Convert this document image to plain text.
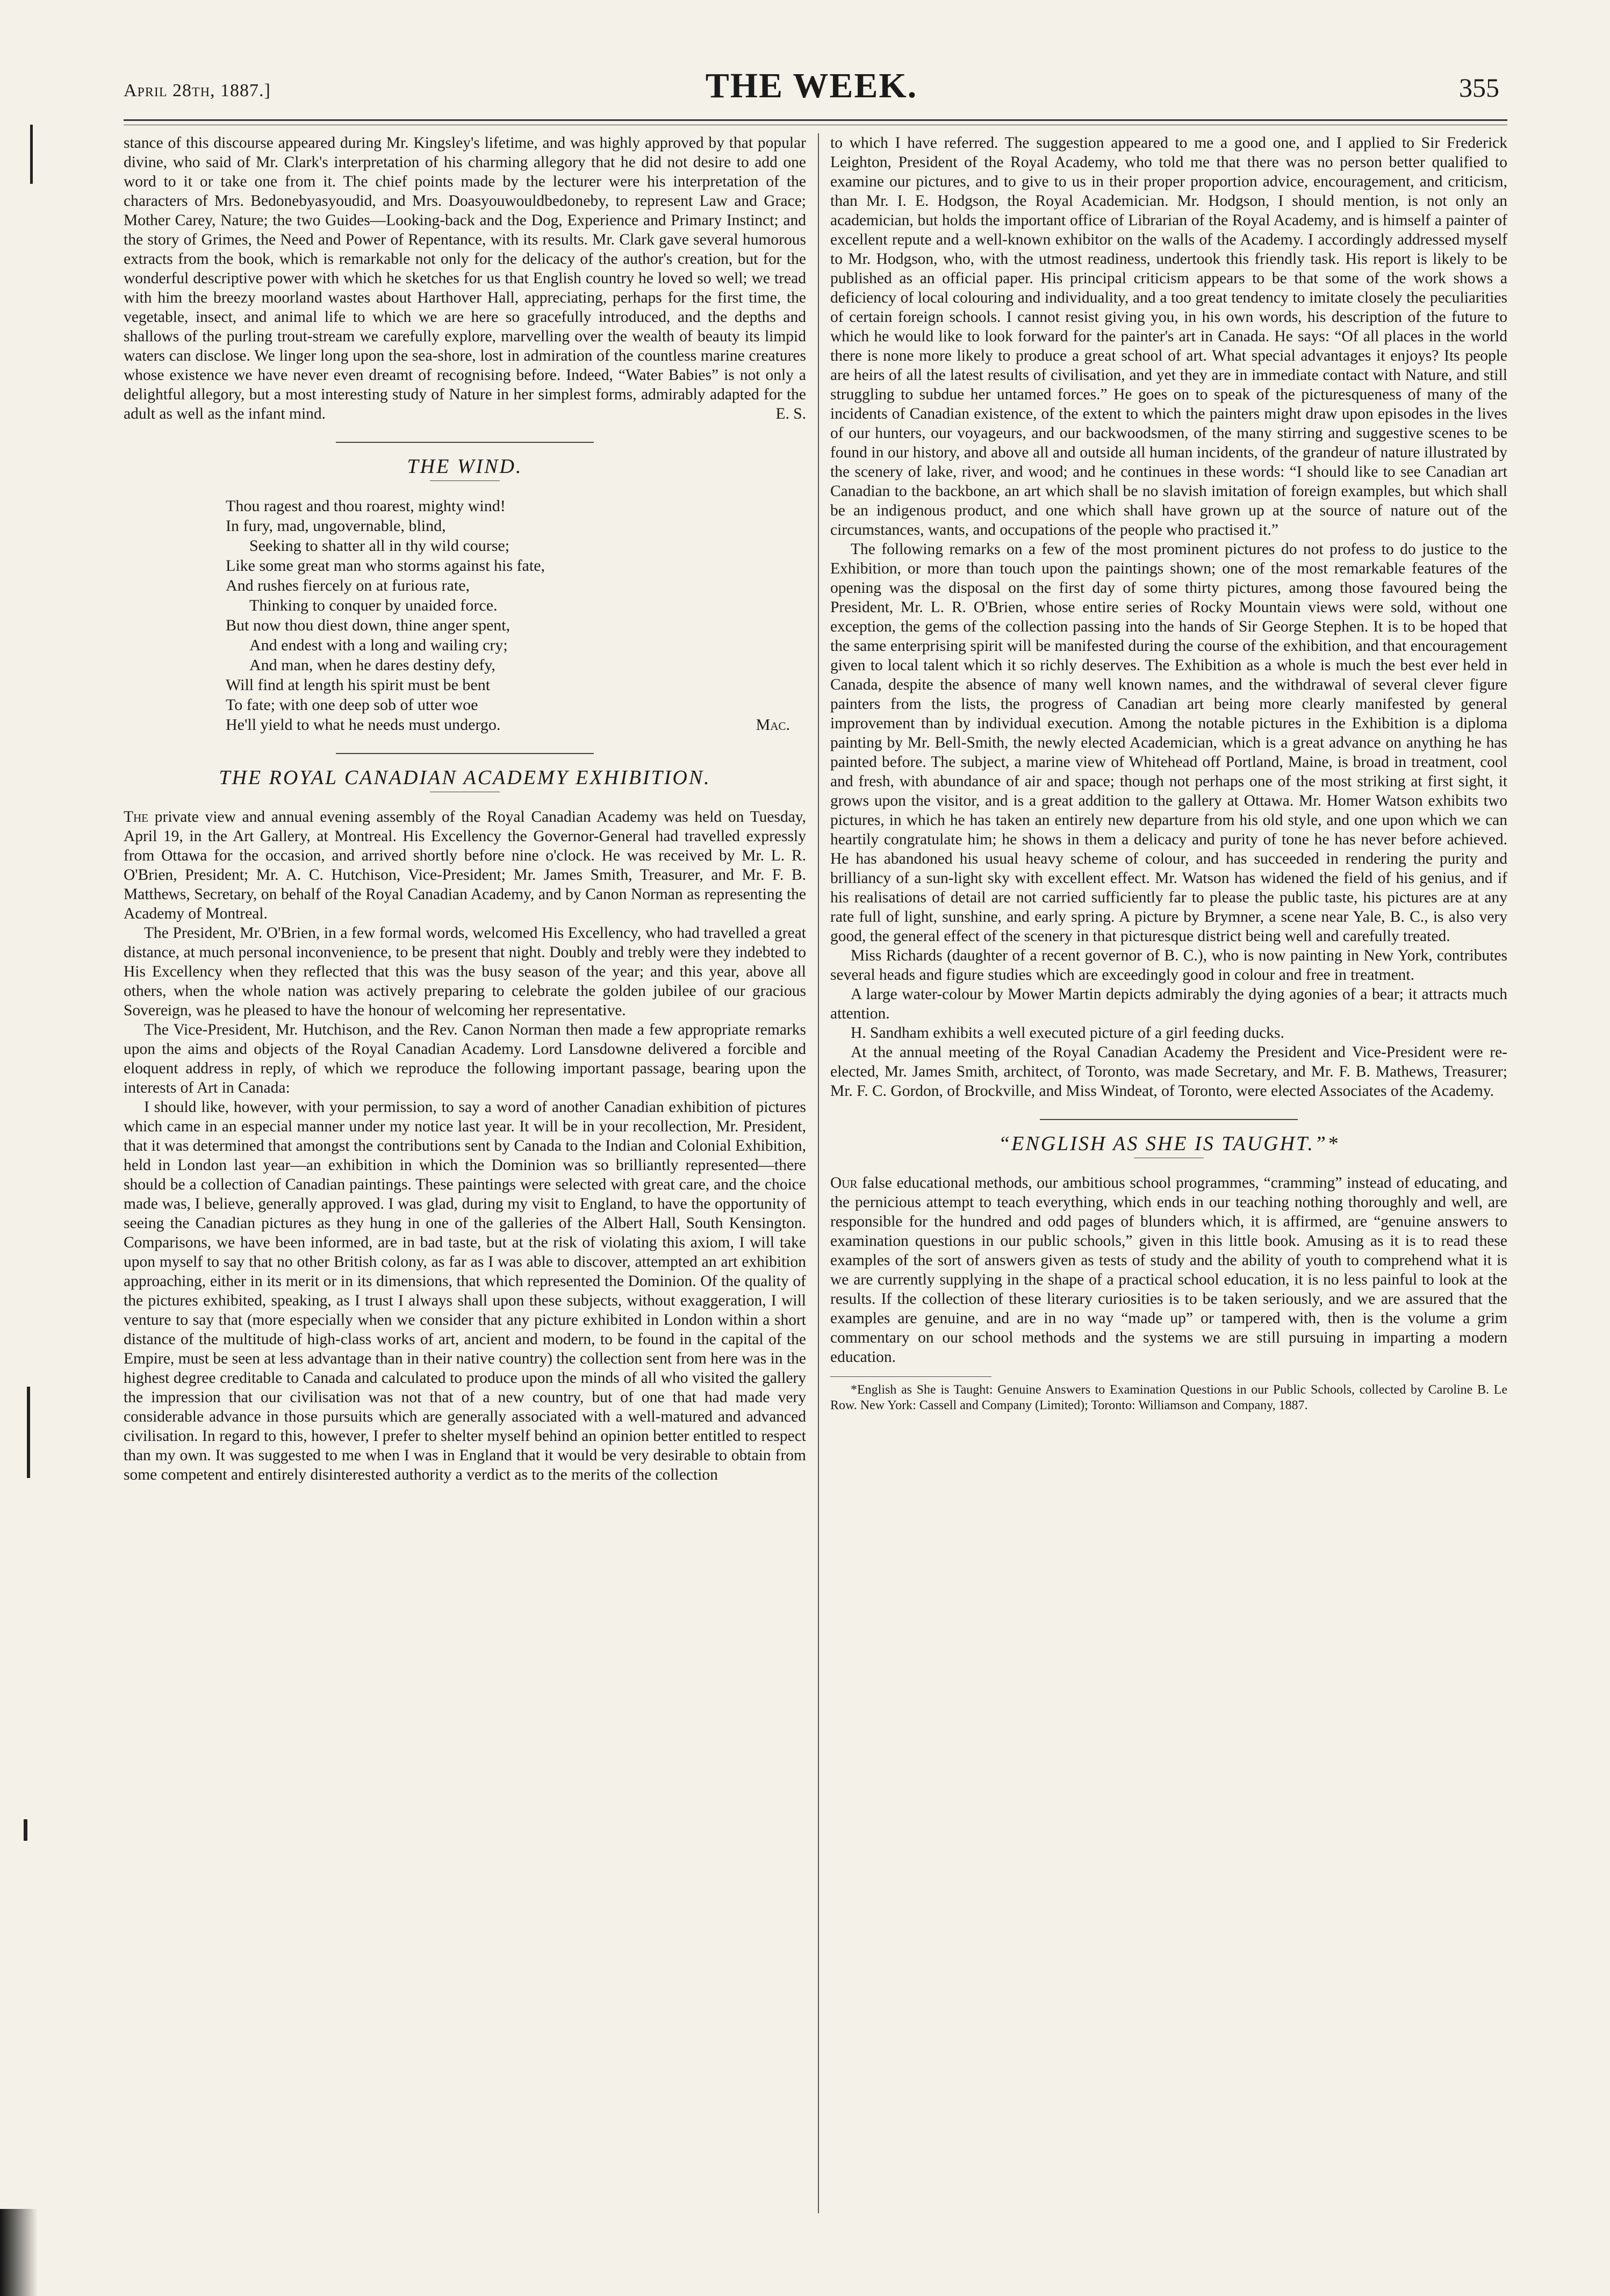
April 28th, 1887.]	THE WEEK.	355

stance of this discourse appeared during Mr. Kingsley's lifetime, and was highly approved by that popular divine, who said of Mr. Clark's interpretation of his charming allegory that he did not desire to add one word to it or take one from it. The chief points made by the lecturer were his interpretation of the characters of Mrs. Bedonebyasyoudid, and Mrs. Doasyouwouldbedoneby, to represent Law and Grace; Mother Carey, Nature; the two Guides—Looking-back and the Dog, Experience and Primary Instinct; and the story of Grimes, the Need and Power of Repentance, with its results. Mr. Clark gave several humorous extracts from the book, which is remarkable not only for the delicacy of the author's creation, but for the wonderful descriptive power with which he sketches for us that English country he loved so well; we tread with him the breezy moorland wastes about Harthover Hall, appreciating, perhaps for the first time, the vegetable, insect, and animal life to which we are here so gracefully introduced, and the depths and shallows of the purling trout-stream we carefully explore, marvelling over the wealth of beauty its limpid waters can disclose. We linger long upon the sea-shore, lost in admiration of the countless marine creatures whose existence we have never even dreamt of recognising before. Indeed, “Water Babies” is not only a delightful allegory, but a most interesting study of Nature in her simplest forms, admirably adapted for the adult as well as the infant mind.	E. S.

THE WIND.
Thou ragest and thou roarest, mighty wind!
In fury, mad, ungovernable, blind,
Seeking to shatter all in thy wild course;
Like some great man who storms against his fate,
And rushes fiercely on at furious rate,
Thinking to conquer by unaided force.
But now thou diest down, thine anger spent,
And endest with a long and wailing cry;
And man, when he dares destiny defy,
Will find at length his spirit must be bent
To fate; with one deep sob of utter woe
He'll yield to what he needs must undergo.	Mac.
THE ROYAL CANADIAN ACADEMY EXHIBITION.

The private view and annual evening assembly of the Royal Canadian Academy was held on Tuesday, April 19, in the Art Gallery, at Montreal. His Excellency the Governor-General had travelled expressly from Ottawa for the occasion, and arrived shortly before nine o'clock. He was received by Mr. L. R. O'Brien, President; Mr. A. C. Hutchison, Vice-President; Mr. James Smith, Treasurer, and Mr. F. B. Matthews, Secretary, on behalf of the Royal Canadian Academy, and by Canon Norman as representing the Academy of Montreal.

The President, Mr. O'Brien, in a few formal words, welcomed His Excellency, who had travelled a great distance, at much personal inconvenience, to be present that night. Doubly and trebly were they indebted to His Excellency when they reflected that this was the busy season of the year; and this year, above all others, when the whole nation was actively preparing to celebrate the golden jubilee of our gracious Sovereign, was he pleased to have the honour of welcoming her representative.

The Vice-President, Mr. Hutchison, and the Rev. Canon Norman then made a few appropriate remarks upon the aims and objects of the Royal Canadian Academy. Lord Lansdowne delivered a forcible and eloquent address in reply, of which we reproduce the following important passage, bearing upon the interests of Art in Canada:

I should like, however, with your permission, to say a word of another Canadian exhibition of pictures which came in an especial manner under my notice last year. It will be in your recollection, Mr. President, that it was determined that amongst the contributions sent by Canada to the Indian and Colonial Exhibition, held in London last year—an exhibition in which the Dominion was so brilliantly represented—there should be a collection of Canadian paintings. These paintings were selected with great care, and the choice made was, I believe, generally approved. I was glad, during my visit to England, to have the opportunity of seeing the Canadian pictures as they hung in one of the galleries of the Albert Hall, South Kensington. Comparisons, we have been informed, are in bad taste, but at the risk of violating this axiom, I will take upon myself to say that no other British colony, as far as I was able to discover, attempted an art exhibition approaching, either in its merit or in its dimensions, that which represented the Dominion. Of the quality of the pictures exhibited, speaking, as I trust I always shall upon these subjects, without exaggeration, I will venture to say that (more especially when we consider that any picture exhibited in London within a short distance of the multitude of high-class works of art, ancient and modern, to be found in the capital of the Empire, must be seen at less advantage than in their native country) the collection sent from here was in the highest degree creditable to Canada and calculated to produce upon the minds of all who visited the gallery the impression that our civilisation was not that of a new country, but of one that had made very considerable advance in those pursuits which are generally associated with a well-matured and advanced civilisation. In regard to this, however, I prefer to shelter myself behind an opinion better entitled to respect than my own. It was suggested to me when I was in England that it would be very desirable to obtain from some competent and entirely disinterested authority a verdict as to the merits of the collection

to which I have referred. The suggestion appeared to me a good one, and I applied to Sir Frederick Leighton, President of the Royal Academy, who told me that there was no person better qualified to examine our pictures, and to give to us in their proper proportion advice, encouragement, and criticism, than Mr. I. E. Hodgson, the Royal Academician. Mr. Hodgson, I should mention, is not only an academician, but holds the important office of Librarian of the Royal Academy, and is himself a painter of excellent repute and a well-known exhibitor on the walls of the Academy. I accordingly addressed myself to Mr. Hodgson, who, with the utmost readiness, undertook this friendly task. His report is likely to be published as an official paper. His principal criticism appears to be that some of the work shows a deficiency of local colouring and individuality, and a too great tendency to imitate closely the peculiarities of certain foreign schools. I cannot resist giving you, in his own words, his description of the future to which he would like to look forward for the painter's art in Canada. He says: “Of all places in the world there is none more likely to produce a great school of art. What special advantages it enjoys? Its people are heirs of all the latest results of civilisation, and yet they are in immediate contact with Nature, and still struggling to subdue her untamed forces.” He goes on to speak of the picturesqueness of many of the incidents of Canadian existence, of the extent to which the painters might draw upon episodes in the lives of our hunters, our voyageurs, and our backwoodsmen, of the many stirring and suggestive scenes to be found in our history, and above all and outside all human incidents, of the grandeur of nature illustrated by the scenery of lake, river, and wood; and he continues in these words: “I should like to see Canadian art Canadian to the backbone, an art which shall be no slavish imitation of foreign examples, but which shall be an indigenous product, and one which shall have grown up at the source of nature out of the circumstances, wants, and occupations of the people who practised it.”

The following remarks on a few of the most prominent pictures do not profess to do justice to the Exhibition, or more than touch upon the paintings shown; one of the most remarkable features of the opening was the disposal on the first day of some thirty pictures, among those favoured being the President, Mr. L. R. O'Brien, whose entire series of Rocky Mountain views were sold, without one exception, the gems of the collection passing into the hands of Sir George Stephen. It is to be hoped that the same enterprising spirit will be manifested during the course of the exhibition, and that encouragement given to local talent which it so richly deserves. The Exhibition as a whole is much the best ever held in Canada, despite the absence of many well known names, and the withdrawal of several clever figure painters from the lists, the progress of Canadian art being more clearly manifested by general improvement than by individual execution. Among the notable pictures in the Exhibition is a diploma painting by Mr. Bell-Smith, the newly elected Academician, which is a great advance on anything he has painted before. The subject, a marine view of Whitehead off Portland, Maine, is broad in treatment, cool and fresh, with abundance of air and space; though not perhaps one of the most striking at first sight, it grows upon the visitor, and is a great addition to the gallery at Ottawa. Mr. Homer Watson exhibits two pictures, in which he has taken an entirely new departure from his old style, and one upon which we can heartily congratulate him; he shows in them a delicacy and purity of tone he has never before achieved. He has abandoned his usual heavy scheme of colour, and has succeeded in rendering the purity and brilliancy of a sun-light sky with excellent effect. Mr. Watson has widened the field of his genius, and if his realisations of detail are not carried sufficiently far to please the public taste, his pictures are at any rate full of light, sunshine, and early spring. A picture by Brymner, a scene near Yale, B. C., is also very good, the general effect of the scenery in that picturesque district being well and carefully treated.

Miss Richards (daughter of a recent governor of B. C.), who is now painting in New York, contributes several heads and figure studies which are exceedingly good in colour and free in treatment.

A large water-colour by Mower Martin depicts admirably the dying agonies of a bear; it attracts much attention.

H. Sandham exhibits a well executed picture of a girl feeding ducks.

At the annual meeting of the Royal Canadian Academy the President and Vice-President were re-elected, Mr. James Smith, architect, of Toronto, was made Secretary, and Mr. F. B. Mathews, Treasurer; Mr. F. C. Gordon, of Brockville, and Miss Windeat, of Toronto, were elected Associates of the Academy.

“ENGLISH AS SHE IS TAUGHT.”*

Our false educational methods, our ambitious school programmes, “cramming” instead of educating, and the pernicious attempt to teach everything, which ends in our teaching nothing thoroughly and well, are responsible for the hundred and odd pages of blunders which, it is affirmed, are “genuine answers to examination questions in our public schools,” given in this little book. Amusing as it is to read these examples of the sort of answers given as tests of study and the ability of youth to comprehend what it is we are currently supplying in the shape of a practical school education, it is no less painful to look at the results. If the collection of these literary curiosities is to be taken seriously, and we are assured that the examples are genuine, and are in no way “made up” or tampered with, then is the volume a grim commentary on our school methods and the systems we are still pursuing in imparting a modern education.

*English as She is Taught: Genuine Answers to Examination Questions in our Public Schools, collected by Caroline B. Le Row. New York: Cassell and Company (Limited); Toronto: Williamson and Company, 1887.
